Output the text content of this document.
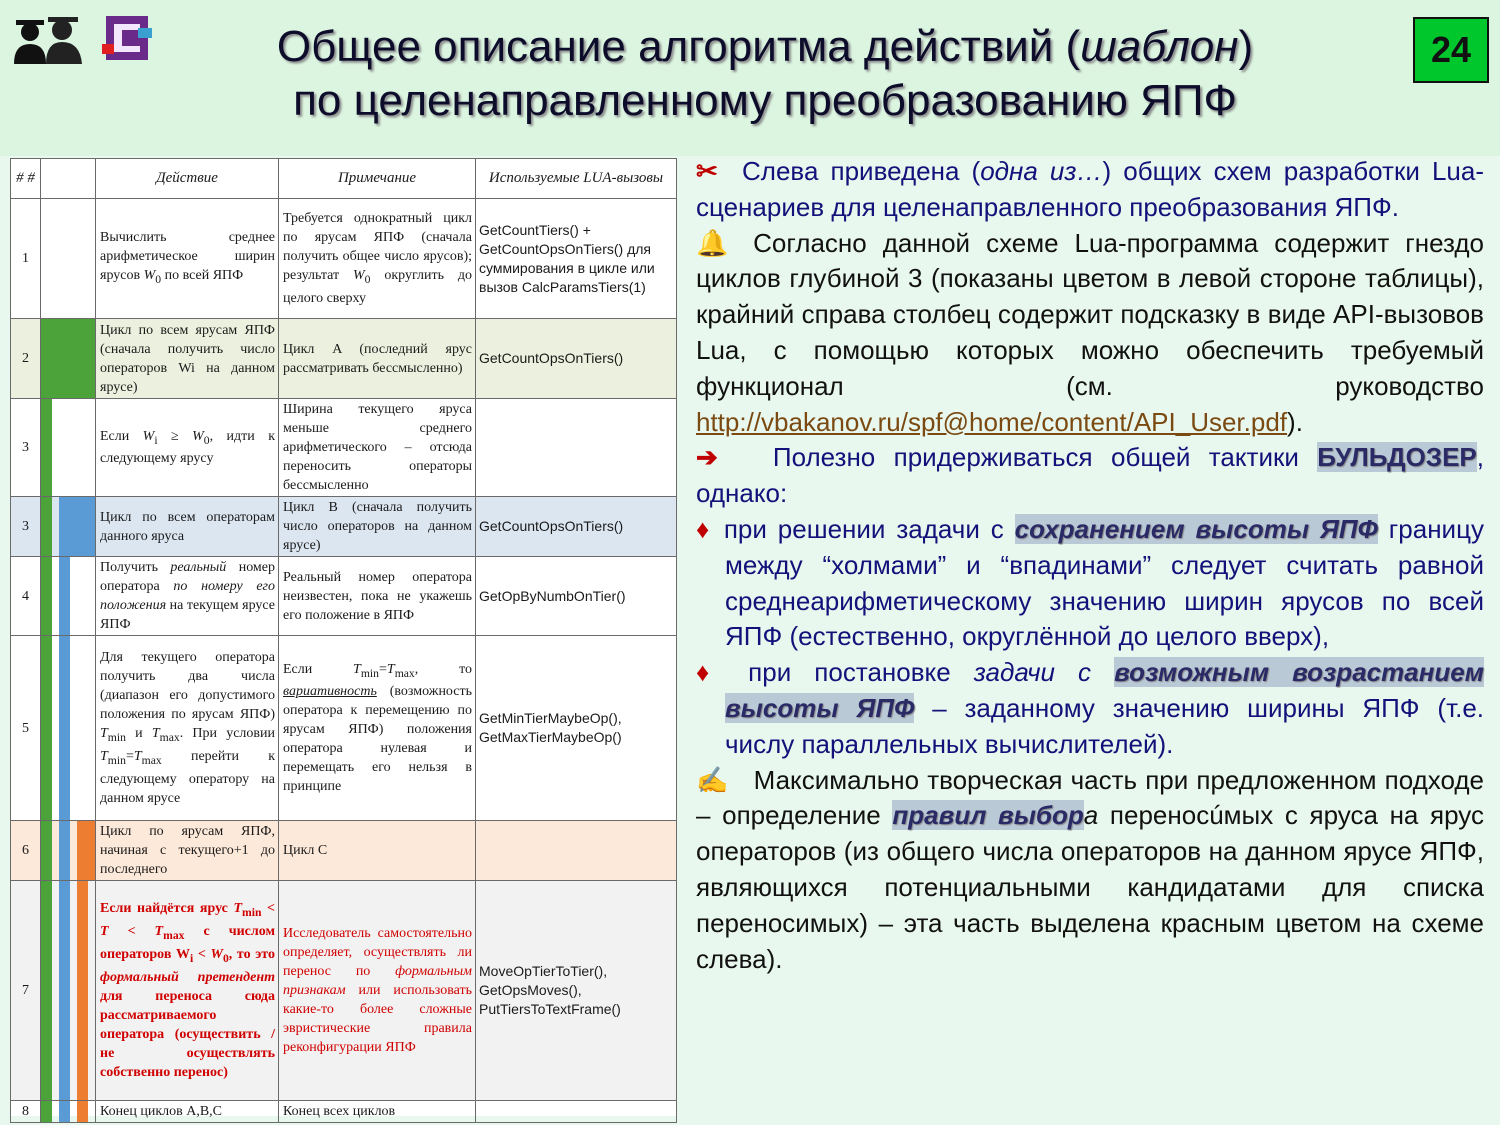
Общее описание алгоритма действий (шаблон)
по целенаправленному преобразованию ЯПФ
24
# #		Действие	Примечание	Используемые LUA-вызовы
1		Вычислить среднее арифметическое ширин ярусов $W_0$ по всей ЯПФ	Требуется однократный цикл по ярусам ЯПФ (сначала получить общее число ярусов); результат $W_0$ округлить до целого сверху	GetCountTiers() + GetCountOpsOnTiers() для суммирования в цикле или вызов CalcParamsTiers(1)
2		Цикл по всем ярусам ЯПФ (сначала получить число операторов Wi на данном ярусе)	Цикл A (последний ярус рассматривать бессмысленно)	GetCountOpsOnTiers()
3		Если $W_i \ge W_0$, идти к следующему ярусу	Ширина текущего яруса меньше среднего арифметического – отсюда переносить операторы бессмысленно	
3		Цикл по всем операторам данного яруса	Цикл B (сначала получить число операторов на данном ярусе)	GetCountOpsOnTiers()
4		Получить реальный номер оператора по номеру его положения на текущем ярусе ЯПФ	Реальный номер оператора неизвестен, пока не укажешь его положение в ЯПФ	GetOpByNumbOnTier()
5		Для текущего оператора получить два числа (диапазон его допустимого положения по ярусам ЯПФ) $T_{min}$ и $T_{max}$. При условии $T_{min}=T_{max}$ перейти к следующему оператору на данном ярусе	Если $T_{min}=T_{max}$, то вариативность (возможность оператора к перемещению по ярусам ЯПФ) положения оператора нулевая и перемещать его нельзя в принципе	GetMinTierMaybeOp(), GetMaxTierMaybeOp()
6		Цикл по ярусам ЯПФ, начиная с текущего+1 до последнего	Цикл C	
7		Если найдётся ярус $T_{min} < T < T_{max}$ с числом операторов $W_i < W_0$, то это формальный претендент для переноса сюда рассматриваемого оператора (осуществить / не осуществлять собственно перенос)	Исследователь самостоятельно определяет, осуществлять ли перенос по формальным признакам или использовать какие-то более сложные эвристические правила реконфигурации ЯПФ	MoveOpTierToTier(), GetOpsMoves(), PutTiersToTextFrame()
8		Конец циклов A,B,C	Конец всех циклов	

✂  Слева приведена (одна из…) общих схем разработки Lua-сценариев для целенаправленного преобразования ЯПФ.

🔔 Согласно данной схеме Lua-программа содержит гнездо циклов глубиной 3 (показаны цветом в левой стороне таблицы), крайний справа столбец содержит подсказку в виде API-вызовов Lua, с помощью которых можно обеспечить требуемый функционал (см. руководство http://vbakanov.ru/spf@home/content/API_User.pdf).

➔ Полезно придерживаться общей тактики БУЛЬДОЗЕР, однако:

♦ при решении задачи с сохранением высоты ЯПФ границу между “холмами” и “впадинами” следует считать равной среднеарифметическому значению ширин ярусов по всей ЯПФ (естественно, округлённой до целого вверх),

♦ при постановке задачи с возможным возрастанием высоты ЯПФ – заданному значению ширины ЯПФ (т.е. числу параллельных вычислителей).

✍ Максимально творческая часть при предложенном подходе – определение правил выбора переносúмых с яруса на ярус операторов (из общего числа операторов на данном ярусе ЯПФ, являющихся потенциальными кандидатами для списка переносимых) – эта часть выделена красным цветом на схеме слева).
